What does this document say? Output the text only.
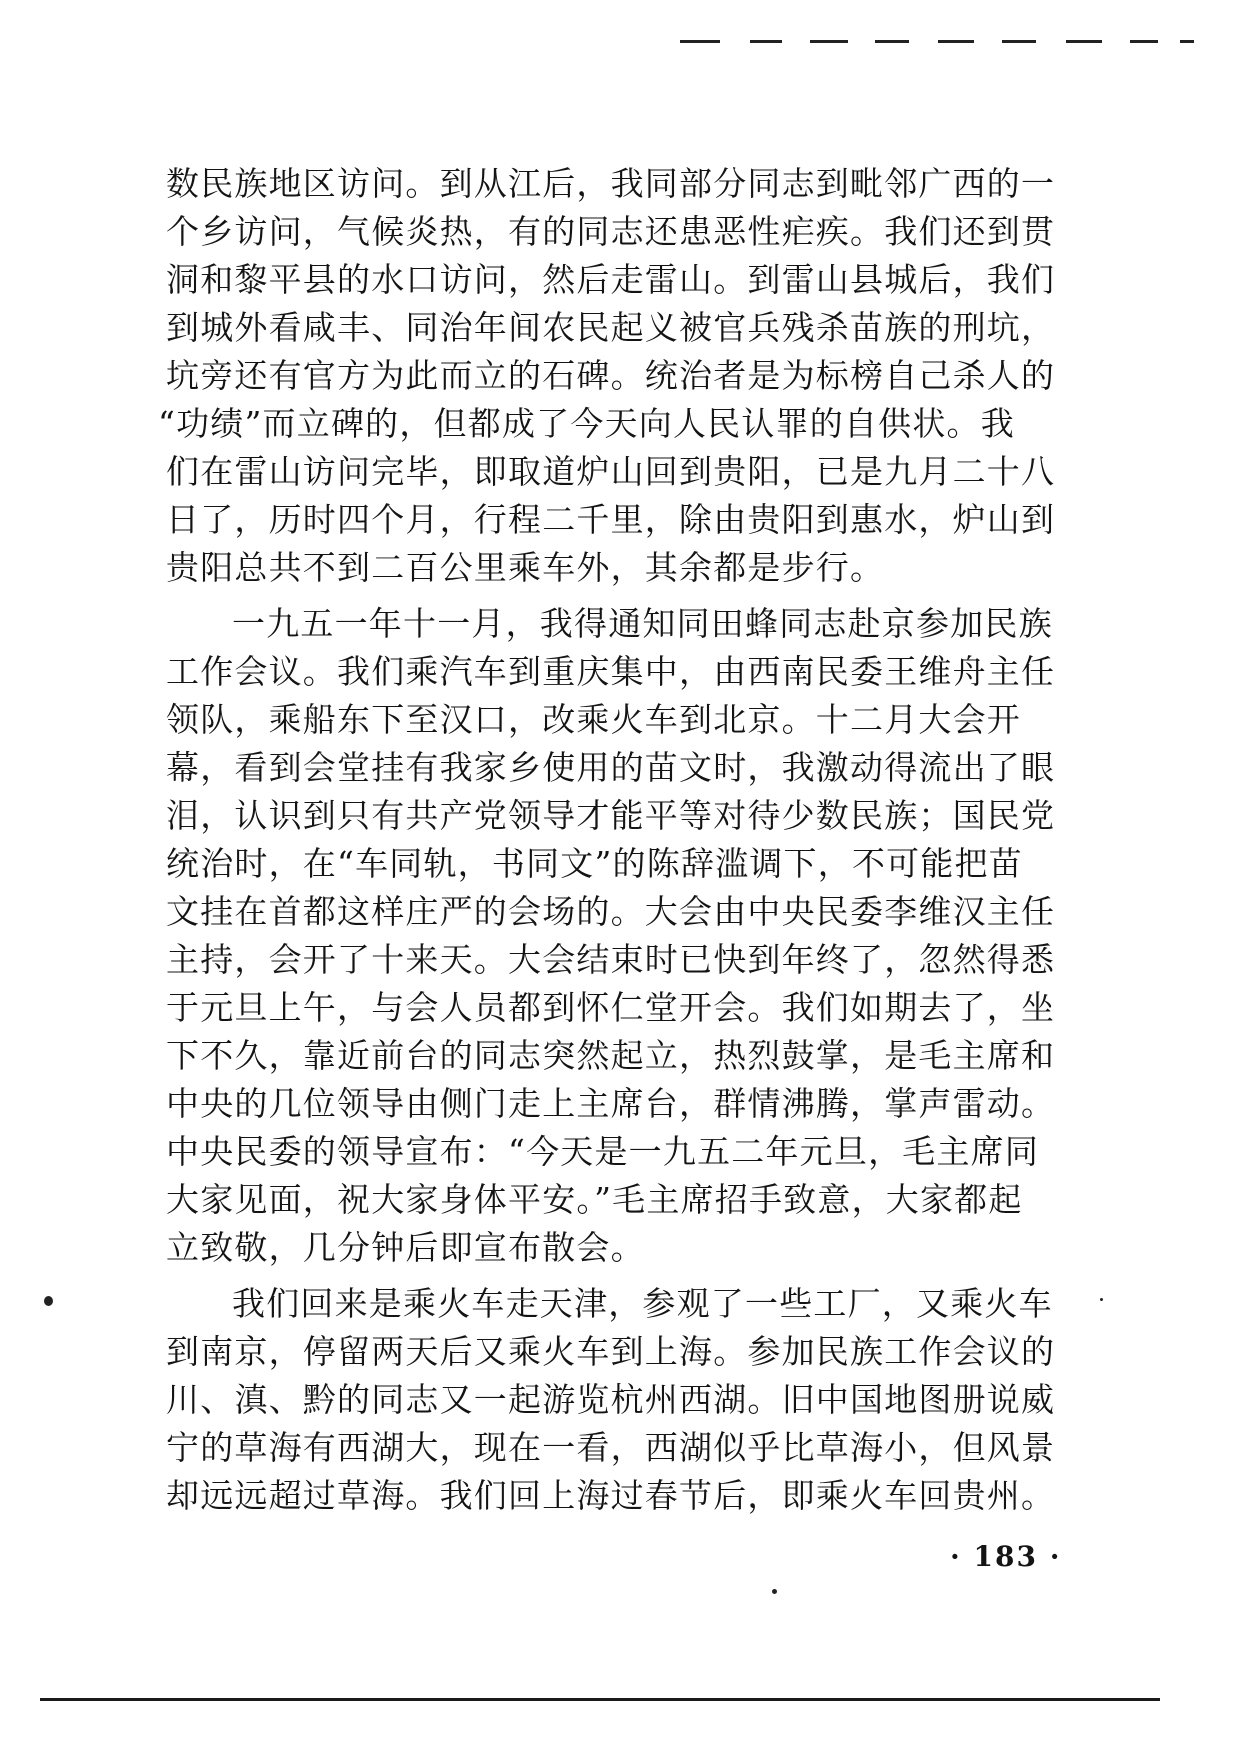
数民族地区访问。到从江后，我同部分同志到毗邻广西的一
个乡访问，气候炎热，有的同志还患恶性疟疾。我们还到贯
洞和黎平县的水口访问，然后走雷山。到雷山县城后，我们
到城外看咸丰、同治年间农民起义被官兵残杀苗族的刑坑，
坑旁还有官方为此而立的石碑。统治者是为标榜自己杀人的
“功绩”而立碑的，但都成了今天向人民认罪的自供状。我
们在雷山访问完毕，即取道炉山回到贵阳，已是九月二十八
日了，历时四个月，行程二千里，除由贵阳到惠水，炉山到
贵阳总共不到二百公里乘车外，其余都是步行。
一九五一年十一月，我得通知同田蜂同志赴京参加民族
工作会议。我们乘汽车到重庆集中，由西南民委王维舟主任
领队，乘船东下至汉口，改乘火车到北京。十二月大会开
幕，看到会堂挂有我家乡使用的苗文时，我激动得流出了眼
泪，认识到只有共产党领导才能平等对待少数民族；国民党
统治时，在“车同轨，书同文”的陈辞滥调下，不可能把苗
文挂在首都这样庄严的会场的。大会由中央民委李维汉主任
主持，会开了十来天。大会结束时已快到年终了，忽然得悉
于元旦上午，与会人员都到怀仁堂开会。我们如期去了，坐
下不久，靠近前台的同志突然起立，热烈鼓掌，是毛主席和
中央的几位领导由侧门走上主席台，群情沸腾，掌声雷动。
中央民委的领导宣布：“今天是一九五二年元旦，毛主席同
大家见面，祝大家身体平安。”毛主席招手致意，大家都起
立致敬，几分钟后即宣布散会。
我们回来是乘火车走天津，参观了一些工厂，又乘火车
到南京，停留两天后又乘火车到上海。参加民族工作会议的
川、滇、黔的同志又一起游览杭州西湖。旧中国地图册说威
宁的草海有西湖大，现在一看，西湖似乎比草海小，但风景
却远远超过草海。我们回上海过春节后，即乘火车回贵州。
· 183 ·
